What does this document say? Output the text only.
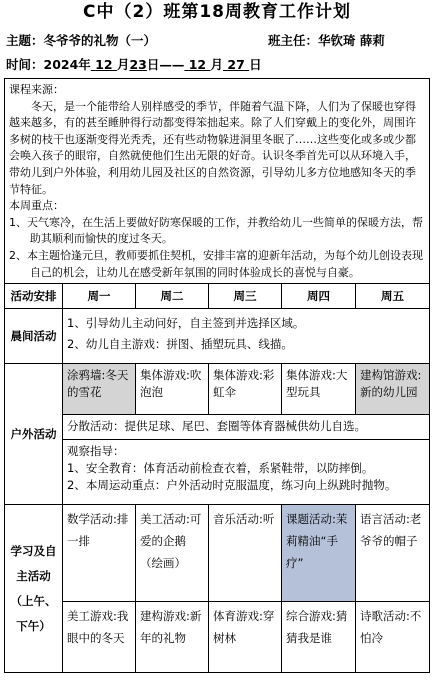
C中（2）班第18周教育工作计划
主题：冬爷爷的礼物（一）	班主任：华钦琦 薛莉
时间：2024年 12 月23日—— 12 月 27 日

课程来源：

冬天，是一个能带给人别样感受的季节，伴随着气温下降，人们为了保暖也穿得越来越多，有的甚至睡肿得行动都变得笨拙起来。除了人们穿戴上的变化外，周围许多树的枝干也逐渐变得光秃秃，还有些动物躲进洞里冬眠了……这些变化或多或少都会唤入孩子的眼帘，自然就使他们生出无限的好奇。认识冬季首先可以从环境入手，带幼儿到户外体验，利用幼儿园及社区的自然资源，引导幼儿多方位地感知冬天的季节特征。

本周重点：

1、天气寒冷，在生活上要做好防寒保暖的工作，并教给幼儿一些简单的保暖方法，帮助其顺利而愉快的度过冬天。

2、本主题恰逢元旦，教师要抓住契机，安排丰富的迎新年活动，为每个幼儿创设表现自己的机会，让幼儿在感受新年氛围的同时体验成长的喜悦与自豪。					

活动安排	周一	周二	周三	周四	周五
晨间活动	1、引导幼儿主动问好，自主签到并选择区域。
2、幼儿自主游戏：拼图、插塑玩具、线描。				

户外活动	涂鸦墙:冬天的雪花	集体游戏:吹泡泡	集体游戏:彩虹伞	集体游戏:大型玩具	建构馆游戏:新的幼儿园
	分散活动：提供足球、尾巴、套圈等体育器械供幼儿自选。				

	观察指导：
1、安全教育：体育活动前检查衣着，系紧鞋带，以防摔倒。
2、本周运动重点：户外活动时克服温度，练习向上纵跳时抛物。				

学习及自
主活动
（上午、
下午）	数学活动:排一排	美工活动:可爱的企鹅（绘画）	音乐活动:听	课题活动:茉莉精油“手疗”	语言活动:老爷爷的帽子
	美工游戏:我眼中的冬天	建构游戏:新年的礼物	体育游戏:穿树林	综合游戏:猜猜我是谁	诗歌活动:不怕冷
